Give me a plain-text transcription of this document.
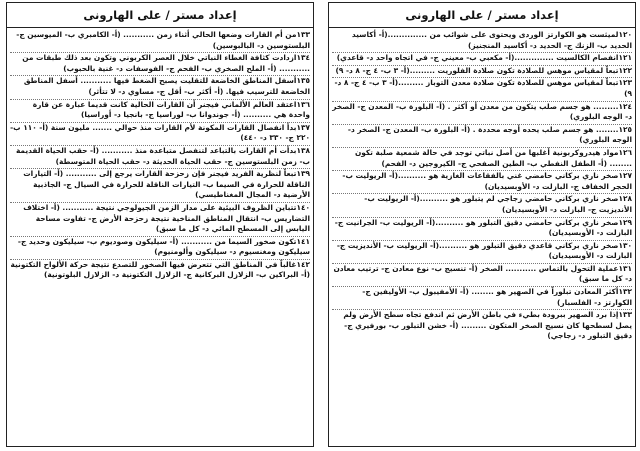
إعداد مستر / على الهارونى
١٢٠لميثست هو الكوارتز الوردى ويحتوى على شوائب من ..............(أ- أكاسيد الحديد ب- الزنك ج- الحديد د- أكاسيد المنجنيز)
١٢١انفصام الكالسيت ..............(أ- مكعبي ب- معيني ج- في اتجاه واحد د- قاعدي)
١٢٢تبعاً لمقياس موهس للصلادة تكون صلادة الفلوريت .........(أ- ٣ ب- ٤ ج- ٨ د- ٩)
١٢٣تبعاً لمقياس موهس للصلادة تكون صلادة معدن التوباز .........(أ- ٣ ب- ٤ ج- ٨ د- ٩)
١٢٤......... هو جسم صلب يتكون من معدن أو أكثر . (أ- البلورة ب- المعدن ج- الصخر د- الوجه البلوري)
١٢٥........ هو جسم صلب يحده أوجه محددة . (أ- البلورة ب- المعدن ج- الصخر د- الوجه البلوري)
١٢٦مواد هيدروكربونية أغلبها من أصل نباتي توجد في حالة شمعية صلبة تكون ........ (أ- الطفل النفطي ب- الطين الصفحي ج- الكيروجين د- الفحم)
١٢٧صخر ناري بركاني حامضي غني بالفقاعات الغازية هو ..........(أ- الريوليت ب- الحجر الخفاف ج- البازلت د- الأوبسيديان)
١٢٨صخر ناري بركاني حامضي زجاجي لم يتبلور هو ..........(أ- الريوليت ب- الأنديزيت ج- البازلت د- الأوبسيديان)
١٢٩صخر ناري بركاني حامضي دقيق التبلور هو ..........(أ- الريوليت ب- الجرانيت ج- البازلت د- الأوبسيديان)
١٣٠صخر ناري بركاني قاعدي دقيق التبلور هو ..........(أ- الريوليت ب- الأنديزيت ج- البازلت د- الأوبسيديان)
١٣١عملية التحول بالتماس ........... الصخر (أ- تنسيج ب- نوع معادن ج- ترتيب معادن د- كل ما سبق)
١٣٢أكثر المعادن تبلوراً في الصهير هو ........ (أ- الأمفيبول ب- الأوليفين ج- الكوارتز د- الفلسبار)
١٣٣إذا برد الصهير ببرودة بطيء في باطن الأرض ثم اندفع تجاه سطح الأرض ولم يصل لسطحها كان نسيج الصخر المتكون ......... (أ- خشن التبلور ب- بورفيري ج- دقيق التبلور د- زجاجي)
إعداد مستر / على الهارونى
١٣٣من أم القارات وضعها الحالي أثناء زمن ........... (أ- الكامبري ب- الميوسين ج- البلستوسين د- البالبوسين)
١٣٤ازدادت كثافة الغطاء النباتي خلال العصر الكربوني وتكون بعد ذلك طبقات من ........... (أ- الملح الصخري ب- الفحم ج- الفوسفات د- غنية بالحبوب)
١٣٥أسفل المناطق الخاضعة للتقليت يصبح الضغط فيها ........... أسفل المناطق الخاضعة للترسيب فيها. (أ- أكثر ب- أقل ج- مساوي د- لا تتأثر)
١٣٦اعتقد العالم الألماني فيجنر أن القارات الحالية كانت قديما عبارة عن قارة واحدة هي .......... (أ- جوندوانا ب- لوراسيا ج- بانجيا د- أوراسيا)
١٣٧بدأ انفصال القارات المكونة لأم القارات منذ حوالي ....... مليون سنة (أ- ١١٠ ب- ٢٢٠ ج- ٣٣٠ د- ٤٤٠)
١٣٨بدأت أم القارات بالتباعد لتنفصل متباعدة منذ ........... (أ- حقب الحياة القديمة ب- زمن البلستوسين ج- حقب الحياة الحديثة د- حقب الحياة المتوسطة)
١٣٩تبعاً لنظرية الفريد فيجنر فإن زحزحة القارات يرجع إلى ........... (أ- التيارات الناقلة للحرارة في السيما ب- التيارات الناقلة للحرارة في السيال ج- الجاذبية الأرضية د- المجال المغناطيسي)
١٤٠تتباين الظروف البيئية على مدار الزمن الجيولوجي نتيجة ........... (أ- اختلاف التضاريس ب- انتقال المناطق المناخية نتيجة زحزحة الأرض ج- تفاوت مساحة اليابس إلى المسطح المائي د- كل ما سبق)
١٤١تكون صخور السيما من ........... (أ- سيليكون وصوديوم ب- سيليكون وحديد ج- سيليكون ومغنسيوم د- سيليكون وألومنيوم)
١٤٢غالباً في المناطق التي تتعرض فيها الصخور للتصدع نتيجة حركة الألواح التكتونية (أ- البراكين ب- الزلازل البركانية ج- الزلازل التكتونية د- الزلازل البلوتونية)
